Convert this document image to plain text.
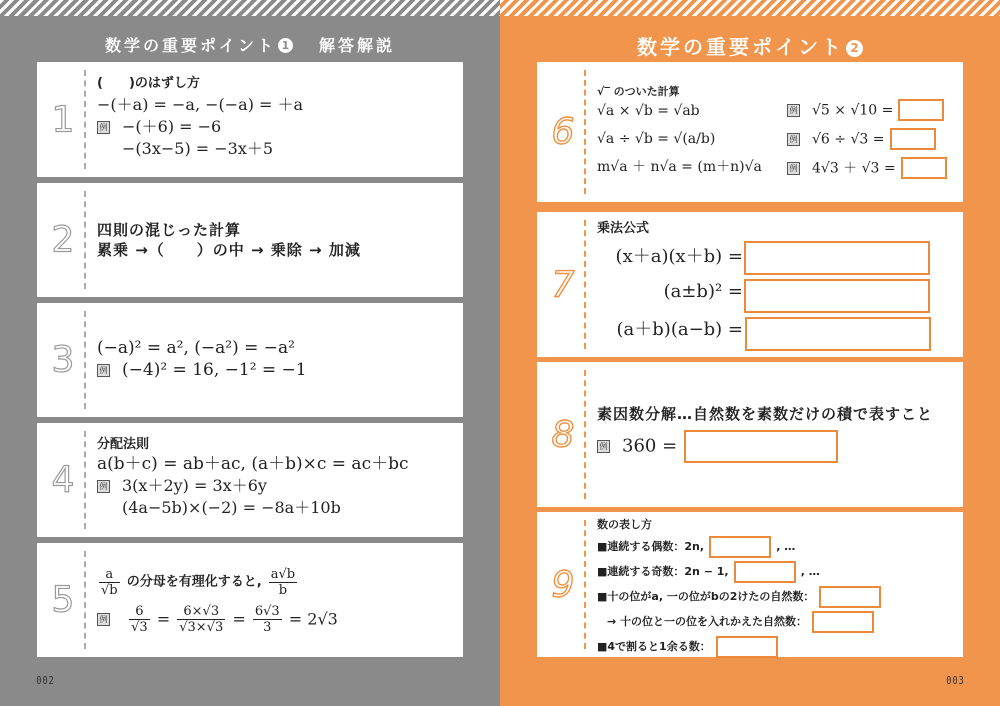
数学の重要ポイント 1 解答解説
1
(　　)のはずし方
−(＋a) = −a, −(−a) = ＋a
例 −(＋6) = −6
−(3x−5) = −3x＋5
2	四則の混じった計算
累乗 →（　　）の中 → 乗除 → 加減
3	(−a)² = a², (−a²) = −a²
例 (−4)² = 16, −1² = −1
4
分配法則
a(b＋c) = ab＋ac, (a＋b)×c = ac＋bc
例 3(x＋2y) = 3x＋6y
(4a−5b)×(−2) = −8a＋10b
5	$\frac{a}{√b}$ の分母を有理化すると, $\frac{a√b}{b}$
例 $\frac{6}{√3} = \frac{6\times√3}{√3\times√3} = \frac{6√3}{3} = 2√3$
002
数学の重要ポイント 2
6
√‾ のついた計算
√a × √b = √ab
√a ÷ √b = √(a/b)
m√a ＋ n√a = (m＋n)√a
例 √5 × √10 =
例 √6 ÷ √3 =
例 4√3 ＋ √3 =
7
乗法公式
(x＋a)(x＋b) =
(a±b)² =
(a＋b)(a−b) =
8	素因数分解…自然数を素数だけの積で表すこと
例 360 =
9
数の表し方
■連続する偶数：2n,	, …
■連続する奇数：2n − 1,	, …
■十の位がa, 一の位がbの2けたの自然数：
→ 十の位と一の位を入れかえた自然数：
■4で割ると1余る数：
003
